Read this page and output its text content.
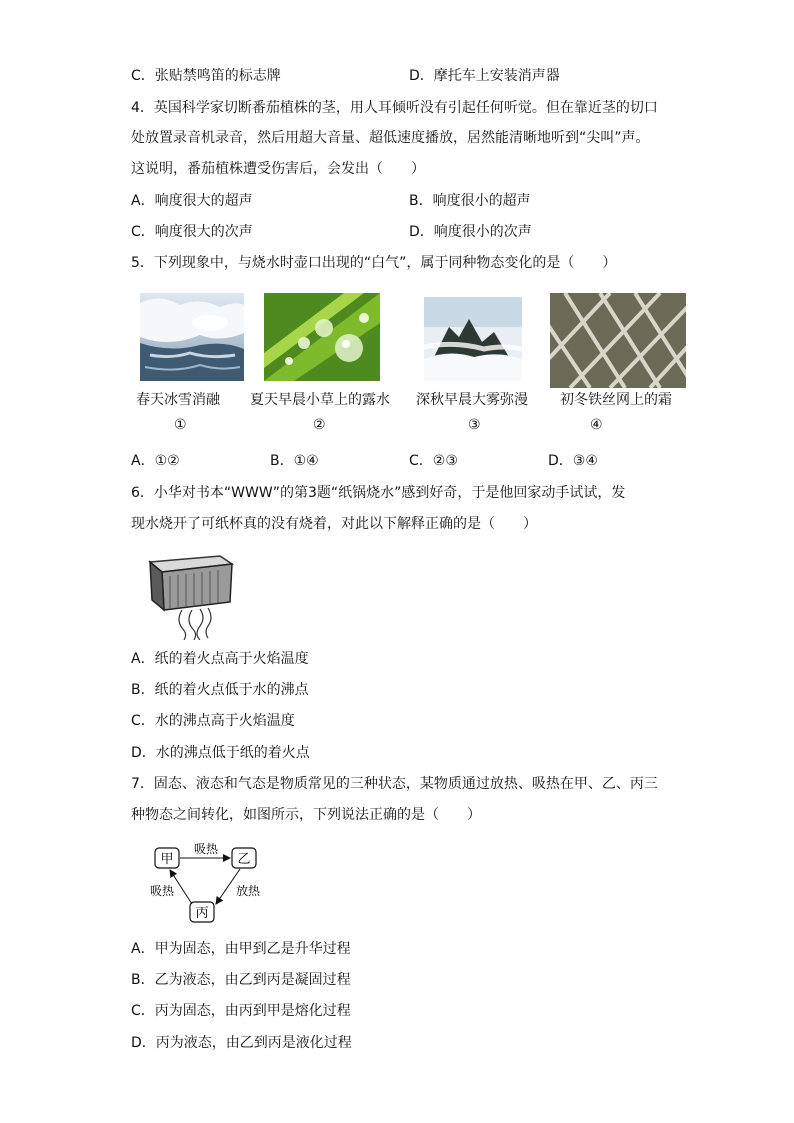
C．张贴禁鸣笛的标志牌	D．摩托车上安装消声器
4．英国科学家切断番茄植株的茎，用人耳倾听没有引起任何听觉。但在靠近茎的切口
处放置录音机录音，然后用超大音量、超低速度播放，居然能清晰地听到“尖叫”声。
这说明，番茄植株遭受伤害后，会发出（　　）
A．响度很大的超声	B．响度很小的超声
C．响度很大的次声	D．响度很小的次声
5．下列现象中，与烧水时壶口出现的“白气”，属于同种物态变化的是（　　）
春天冰雪消融 夏天早晨小草上的露水 深秋早晨大雾弥漫 初冬铁丝网上的霜
①	②	③	④
A．①②	B．①④	C．②③	D．③④
6．小华对书本“WWW”的第3题“纸锅烧水”感到好奇，于是他回家动手试试，发
现水烧开了可纸杯真的没有烧着，对此以下解释正确的是（　　）
A．纸的着火点高于火焰温度
B．纸的着火点低于水的沸点
C．水的沸点高于火焰温度
D．水的沸点低于纸的着火点
7．固态、液态和气态是物质常见的三种状态，某物质通过放热、吸热在甲、乙、丙三
种物态之间转化，如图所示，下列说法正确的是（　　）
甲	乙
丙
吸热
放热
吸热
A．甲为固态，由甲到乙是升华过程
B．乙为液态，由乙到丙是凝固过程
C．丙为固态，由丙到甲是熔化过程
D．丙为液态，由乙到丙是液化过程
